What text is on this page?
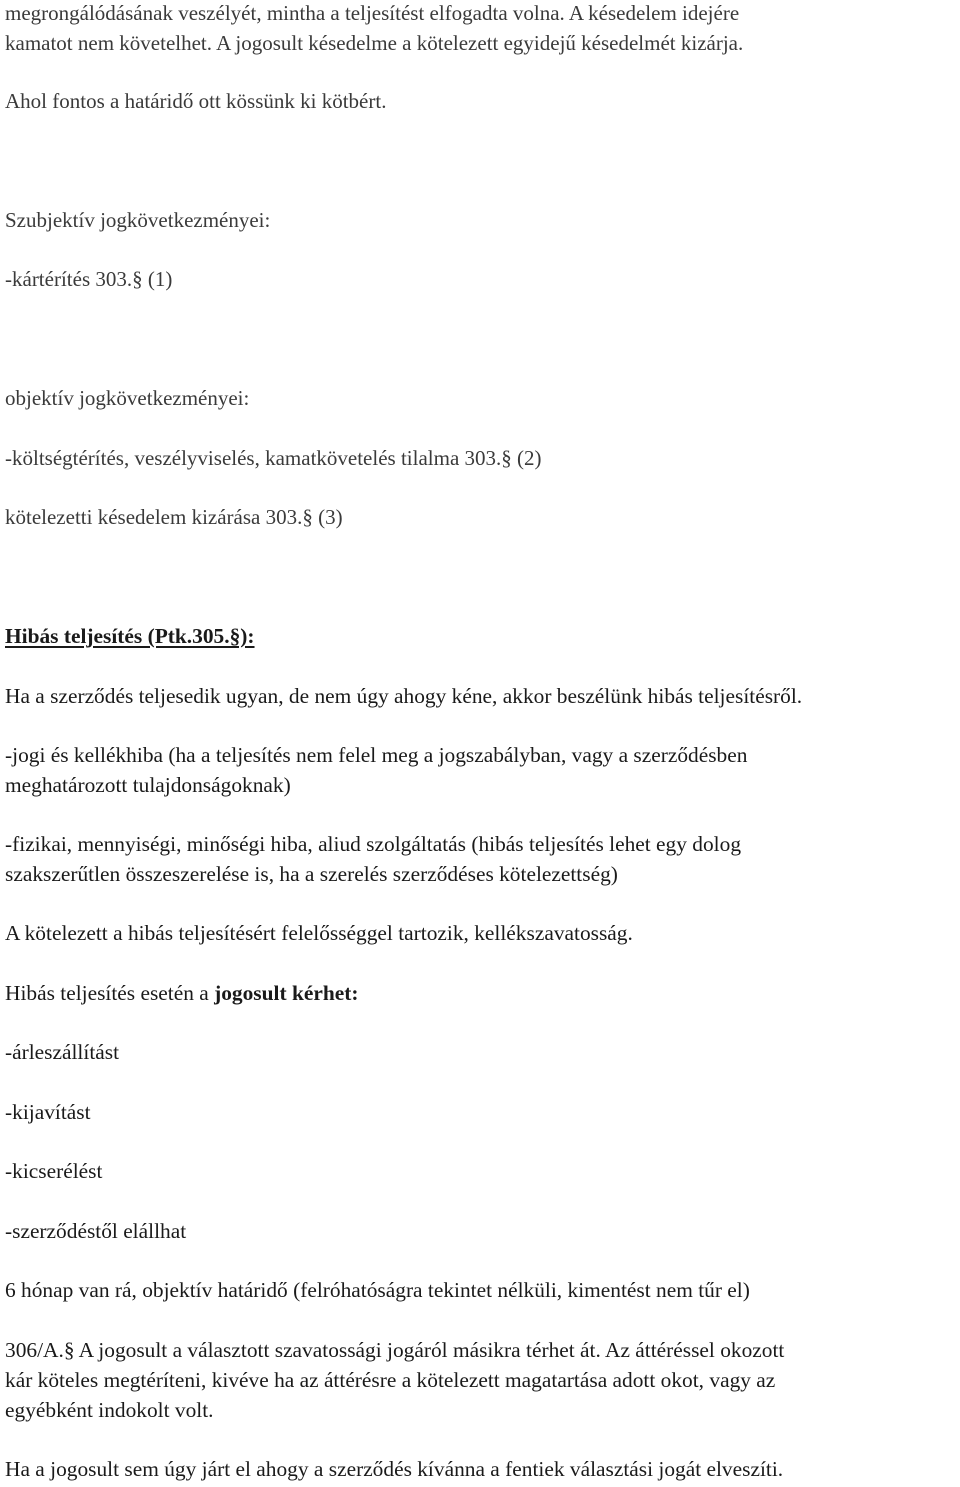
megrongálódásának veszélyét, mintha a teljesítést elfogadta volna. A késedelem idejére
kamatot nem követelhet. A jogosult késedelme a kötelezett egyidejű késedelmét kizárja.
Ahol fontos a határidő ott kössünk ki kötbért.
Szubjektív jogkövetkezményei:
-kártérítés 303.§ (1)
objektív jogkövetkezményei:
-költségtérítés, veszélyviselés, kamatkövetelés tilalma 303.§ (2)
kötelezetti késedelem kizárása 303.§ (3)
Hibás teljesítés (Ptk.305.§):
Ha a szerződés teljesedik ugyan, de nem úgy ahogy kéne, akkor beszélünk hibás teljesítésről.
-jogi és kellékhiba (ha a teljesítés nem felel meg a jogszabályban, vagy a szerződésben
meghatározott tulajdonságoknak)
-fizikai, mennyiségi, minőségi hiba, aliud szolgáltatás (hibás teljesítés lehet egy dolog
szakszerűtlen összeszerelése is, ha a szerelés szerződéses kötelezettség)
A kötelezett a hibás teljesítésért felelősséggel tartozik, kellékszavatosság.
Hibás teljesítés esetén a jogosult kérhet:
-árleszállítást
-kijavítást
-kicserélést
-szerződéstől elállhat
6 hónap van rá, objektív határidő (felróhatóságra tekintet nélküli, kimentést nem tűr el)
306/A.§ A jogosult a választott szavatossági jogáról másikra térhet át. Az áttéréssel okozott
kár köteles megtéríteni, kivéve ha az áttérésre a kötelezett magatartása adott okot, vagy az
egyébként indokolt volt.
Ha a jogosult sem úgy járt el ahogy a szerződés kívánna a fentiek választási jogát elveszíti.
